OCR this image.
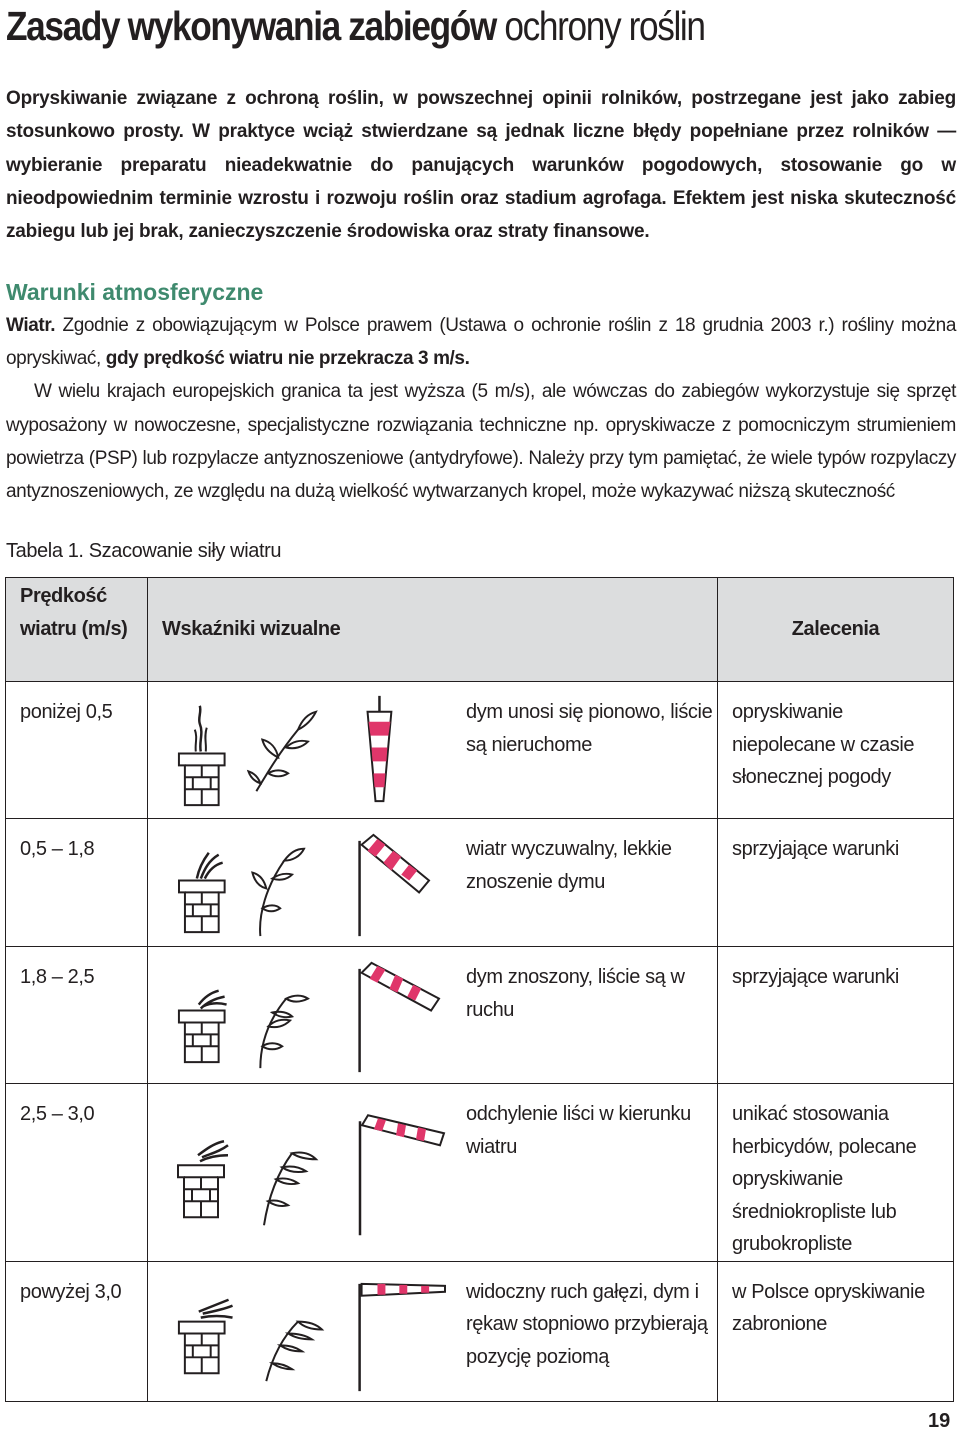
Zasady wykonywania zabiegów ochrony roślin

Opryskiwanie związane z ochroną roślin, w powszechnej opinii rolników, postrzegane jest jako zabieg stosunkowo prosty. W praktyce wciąż stwierdzane są jednak liczne błędy popełniane przez rolników — wybieranie preparatu nieadekwatnie do panujących warunków pogodowych, stosowanie go w nieodpowiednim terminie wzrostu i rozwoju roślin oraz stadium agrofaga. Efektem jest niska skuteczność zabiegu lub jej brak, zanieczyszczenie środowiska oraz straty finansowe.

Warunki atmosferyczne

Wiatr. Zgodnie z obowiązującym w Polsce prawem (Ustawa o ochronie roślin z 18 grudnia 2003 r.) rośliny można opryskiwać, gdy prędkość wiatru nie przekracza 3 m/s.

W wielu krajach europejskich granica ta jest wyższa (5 m/s), ale wówczas do zabiegów wykorzystuje się sprzęt wyposażony w nowoczesne, specjalistyczne rozwiązania techniczne np. opryskiwacze z pomocniczym strumieniem powietrza (PSP) lub rozpylacze antyznoszeniowe (antydryfowe). Należy przy tym pamiętać, że wiele typów rozpylaczy antyznoszeniowych, ze względu na dużą wielkość wytwarzanych kropel, może wykazywać niższą skuteczność

Tabela 1. Szacowanie siły wiatru
Prędkość wiatru (m/s)	Wskaźniki wizualne	Zalecenia
poniżej 0,5	dym unosi się pionowo, liście są nieruchome	opryskiwanie niepolecane w czasie słonecznej pogody
0,5 – 1,8	wiatr wyczuwalny, lekkie znoszenie dymu	sprzyjające warunki
1,8 – 2,5	dym znoszony, liście są w ruchu	sprzyjające warunki
2,5 – 3,0	odchylenie liści w kierunku wiatru	unikać stosowania herbicydów, polecane opryskiwanie średniokropliste lub grubokropliste
powyżej 3,0	widoczny ruch gałęzi, dym i rękaw stopniowo przybierają pozycję poziomą	w Polsce opryskiwanie zabronione
19
